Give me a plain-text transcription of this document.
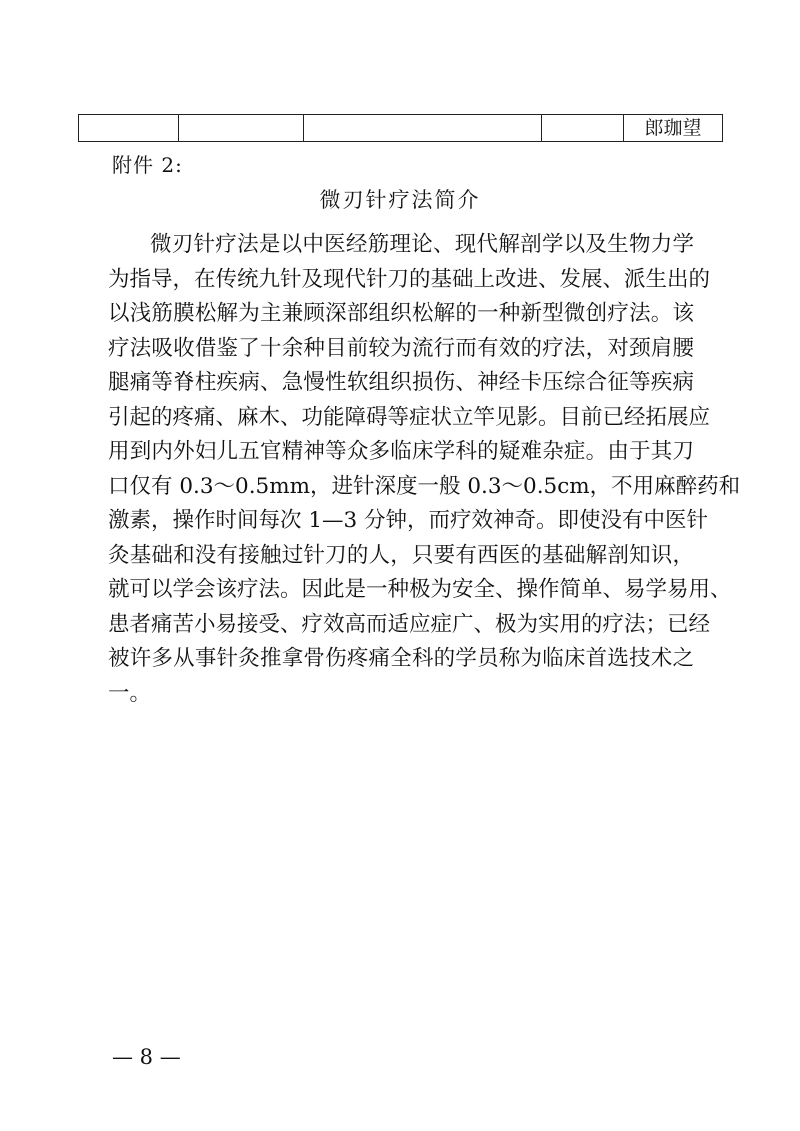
				郎珈望
附件 2:
微刃针疗法简介
微刃针疗法是以中医经筋理论、现代解剖学以及生物力学
为指导，在传统九针及现代针刀的基础上改进、发展、派生出的
以浅筋膜松解为主兼顾深部组织松解的一种新型微创疗法。该
疗法吸收借鉴了十余种目前较为流行而有效的疗法，对颈肩腰
腿痛等脊柱疾病、急慢性软组织损伤、神经卡压综合征等疾病
引起的疼痛、麻木、功能障碍等症状立竿见影。目前已经拓展应
用到内外妇儿五官精神等众多临床学科的疑难杂症。由于其刀
口仅有 0.3～0.5mm，进针深度一般 0.3～0.5cm，不用麻醉药和
激素，操作时间每次 1—3 分钟，而疗效神奇。即使没有中医针
灸基础和没有接触过针刀的人，只要有西医的基础解剖知识，
就可以学会该疗法。因此是一种极为安全、操作简单、易学易用、
患者痛苦小易接受、疗效高而适应症广、极为实用的疗法；已经
被许多从事针灸推拿骨伤疼痛全科的学员称为临床首选技术之
一。
— 8 —
